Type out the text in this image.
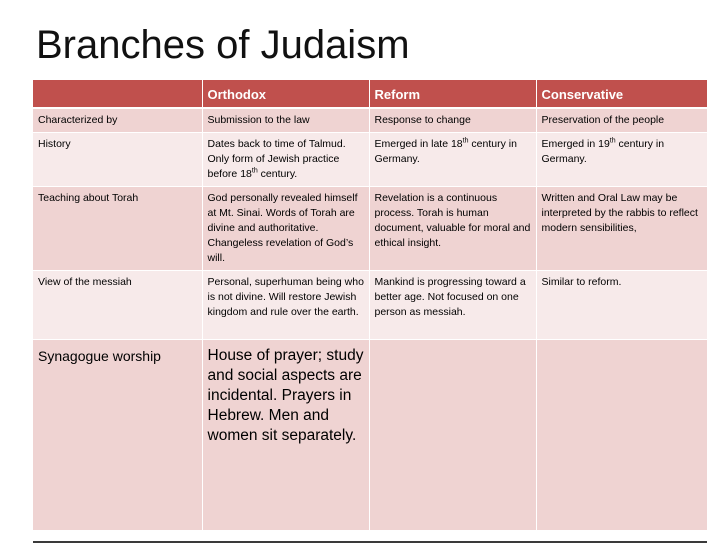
Branches of Judaism
	Orthodox	Reform	Conservative
Characterized by	Submission to the law	Response to change	Preservation of the people
History	Dates back to time of Talmud. Only form of Jewish practice before 18th century.	Emerged in late 18th century in Germany.	Emerged in 19th century in Germany.
Teaching about Torah	God personally revealed himself at Mt. Sinai. Words of Torah are divine and authoritative. Changeless revelation of God’s will.	Revelation is a continuous process. Torah is human document, valuable for moral and ethical insight.	Written and Oral Law may be interpreted by the rabbis to reflect modern sensibilities,
View of the messiah	Personal, superhuman being who is not divine. Will restore Jewish kingdom and rule over the earth.	Mankind is progressing toward a better age. Not focused on one person as messiah.	Similar to reform.
Synagogue worship	House of prayer; study and social aspects are incidental. Prayers in Hebrew. Men and women sit separately.		
